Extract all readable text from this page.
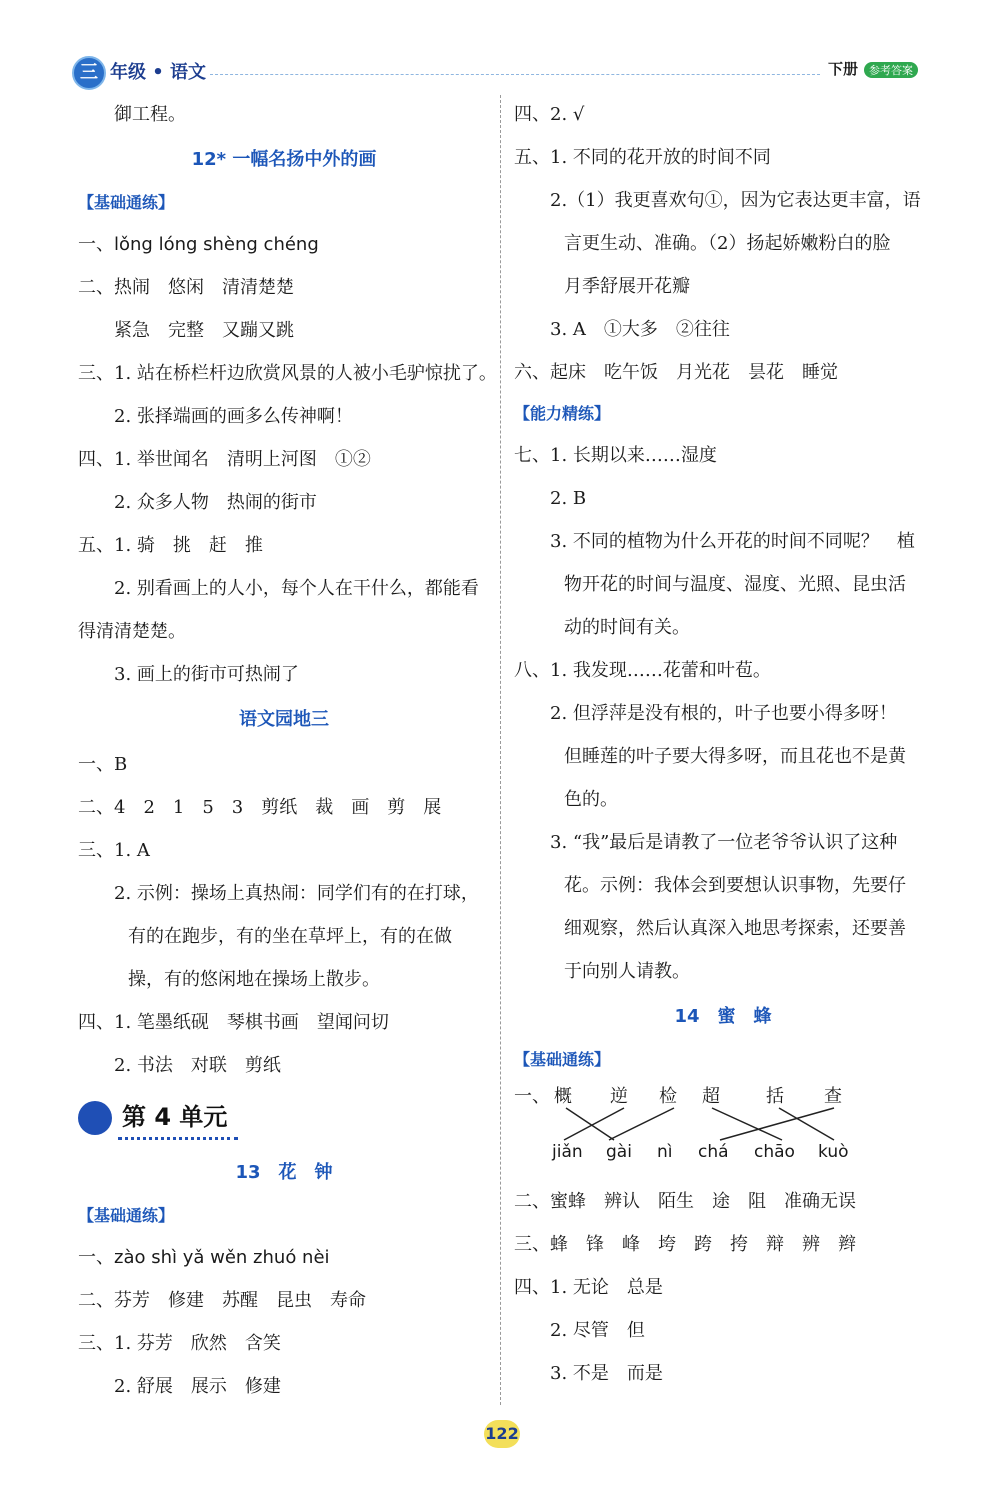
三 年级 • 语文	下册 参考答案
御工程。
12* 一幅名扬中外的画
【基础通练】
一、lǒng lóng shèng chéng
二、热闹　悠闲　清清楚楚
紧急　完整　又蹦又跳
三、1. 站在桥栏杆边欣赏风景的人被小毛驴惊扰了。
2. 张择端画的画多么传神啊！
四、1. 举世闻名　清明上河图　①②
2. 众多人物　热闹的街市
五、1. 骑　挑　赶　推
2. 别看画上的人小，每个人在干什么，都能看
得清清楚楚。
3. 画上的街市可热闹了
语文园地三
一、B
二、4　2　1　5　3　剪纸　裁　画　剪　展
三、1. A
2. 示例：操场上真热闹：同学们有的在打球，
有的在跑步，有的坐在草坪上，有的在做
操，有的悠闲地在操场上散步。
四、1. 笔墨纸砚　琴棋书画　望闻问切
2. 书法　对联　剪纸
第 4 单元
13　花　钟
【基础通练】
一、zào shì yǎ wěn zhuó nèi
二、芬芳　修建　苏醒　昆虫　寿命
三、1. 芬芳　欣然　含笑
2. 舒展　展示　修建
四、2. √
五、1. 不同的花开放的时间不同
2.（1）我更喜欢句①，因为它表达更丰富，语
言更生动、准确。（2）扬起娇嫩粉白的脸
月季舒展开花瓣
3. A　①大多　②往往
六、起床　吃午饭　月光花　昙花　睡觉
【能力精练】
七、1. 长期以来……湿度
2. B
3. 不同的植物为什么开花的时间不同呢？　植
物开花的时间与温度、湿度、光照、昆虫活
动的时间有关。
八、1. 我发现……花蕾和叶苞。
2. 但浮萍是没有根的，叶子也要小得多呀！
但睡莲的叶子要大得多呀，而且花也不是黄
色的。
3. “我”最后是请教了一位老爷爷认识了这种
花。示例：我体会到要想认识事物，先要仔
细观察，然后认真深入地思考探索，还要善
于向别人请教。
14　蜜　蜂
【基础通练】
一、 概 逆 检 超	括 查
jiǎn gài nì chá chāo kuò
二、蜜蜂　辨认　陌生　途　阻　准确无误
三、蜂　锋　峰　垮　跨　挎　辩　辨　辫
四、1. 无论　总是
2. 尽管　但
3. 不是　而是
122
